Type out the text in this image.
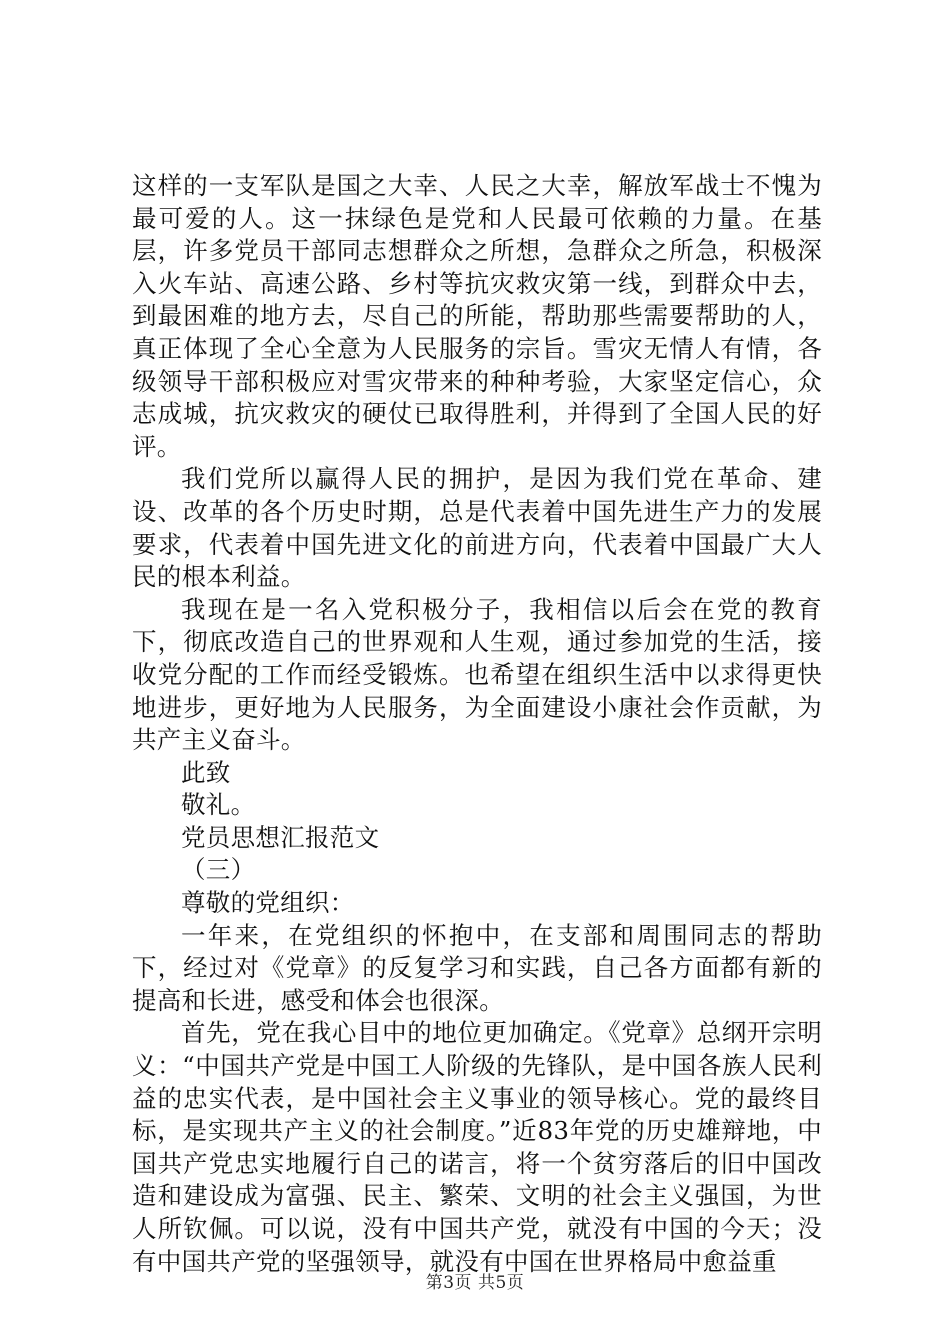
这样的一支军队是国之大幸、人民之大幸，解放军战士不愧为最可爱的人。这一抹绿色是党和人民最可依赖的力量。在基层，许多党员干部同志想群众之所想，急群众之所急，积极深入火车站、高速公路、乡村等抗灾救灾第一线，到群众中去，到最困难的地方去，尽自己的所能，帮助那些需要帮助的人，真正体现了全心全意为人民服务的宗旨。雪灾无情人有情，各级领导干部积极应对雪灾带来的种种考验，大家坚定信心，众志成城，抗灾救灾的硬仗已取得胜利，并得到了全国人民的好评。

我们党所以赢得人民的拥护，是因为我们党在革命、建设、改革的各个历史时期，总是代表着中国先进生产力的发展要求，代表着中国先进文化的前进方向，代表着中国最广大人民的根本利益。

我现在是一名入党积极分子，我相信以后会在党的教育下，彻底改造自己的世界观和人生观，通过参加党的生活，接收党分配的工作而经受锻炼。也希望在组织生活中以求得更快地进步，更好地为人民服务，为全面建设小康社会作贡献，为共产主义奋斗。

此致

敬礼。

党员思想汇报范文

（三）

尊敬的党组织：

一年来，在党组织的怀抱中，在支部和周围同志的帮助下，经过对《党章》的反复学习和实践，自己各方面都有新的提高和长进，感受和体会也很深。

首先，党在我心目中的地位更加确定。《党章》总纲开宗明义：“中国共产党是中国工人阶级的先锋队，是中国各族人民利益的忠实代表，是中国社会主义事业的领导核心。党的最终目标，是实现共产主义的社会制度。”近83年党的历史雄辩地，中国共产党忠实地履行自己的诺言，将一个贫穷落后的旧中国改造和建设成为富强、民主、繁荣、文明的社会主义强国，为世人所钦佩。可以说，没有中国共产党，就没有中国的今天；没有中国共产党的坚强领导，就没有中国在世界格局中愈益重

第3页 共5页
